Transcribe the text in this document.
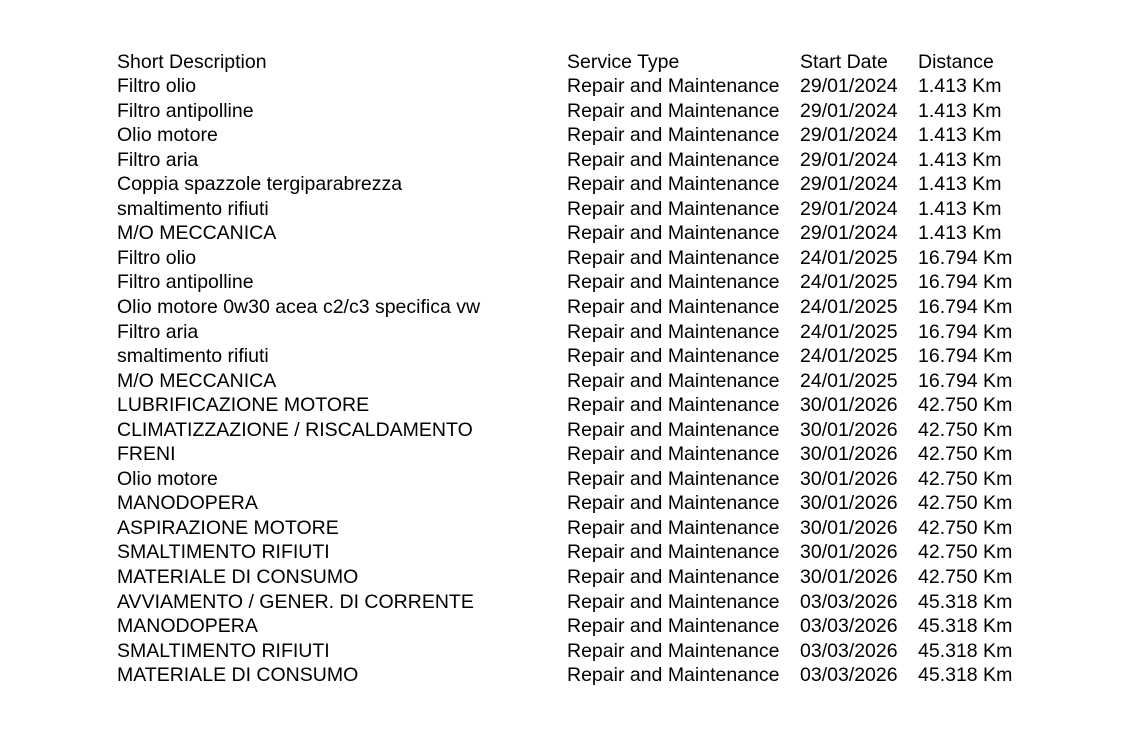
Short Description	Service Type	Start Date	Distance
Filtro olio	Repair and Maintenance	29/01/2024	1.413 Km
Filtro antipolline	Repair and Maintenance	29/01/2024	1.413 Km
Olio motore	Repair and Maintenance	29/01/2024	1.413 Km
Filtro aria	Repair and Maintenance	29/01/2024	1.413 Km
Coppia spazzole tergiparabrezza	Repair and Maintenance	29/01/2024	1.413 Km
smaltimento rifiuti	Repair and Maintenance	29/01/2024	1.413 Km
M/O MECCANICA	Repair and Maintenance	29/01/2024	1.413 Km
Filtro olio	Repair and Maintenance	24/01/2025	16.794 Km
Filtro antipolline	Repair and Maintenance	24/01/2025	16.794 Km
Olio motore 0w30 acea c2/c3 specifica vw	Repair and Maintenance	24/01/2025	16.794 Km
Filtro aria	Repair and Maintenance	24/01/2025	16.794 Km
smaltimento rifiuti	Repair and Maintenance	24/01/2025	16.794 Km
M/O MECCANICA	Repair and Maintenance	24/01/2025	16.794 Km
LUBRIFICAZIONE MOTORE	Repair and Maintenance	30/01/2026	42.750 Km
CLIMATIZZAZIONE / RISCALDAMENTO	Repair and Maintenance	30/01/2026	42.750 Km
FRENI	Repair and Maintenance	30/01/2026	42.750 Km
Olio motore	Repair and Maintenance	30/01/2026	42.750 Km
MANODOPERA	Repair and Maintenance	30/01/2026	42.750 Km
ASPIRAZIONE MOTORE	Repair and Maintenance	30/01/2026	42.750 Km
SMALTIMENTO RIFIUTI	Repair and Maintenance	30/01/2026	42.750 Km
MATERIALE DI CONSUMO	Repair and Maintenance	30/01/2026	42.750 Km
AVVIAMENTO / GENER. DI CORRENTE	Repair and Maintenance	03/03/2026	45.318 Km
MANODOPERA	Repair and Maintenance	03/03/2026	45.318 Km
SMALTIMENTO RIFIUTI	Repair and Maintenance	03/03/2026	45.318 Km
MATERIALE DI CONSUMO	Repair and Maintenance	03/03/2026	45.318 Km
